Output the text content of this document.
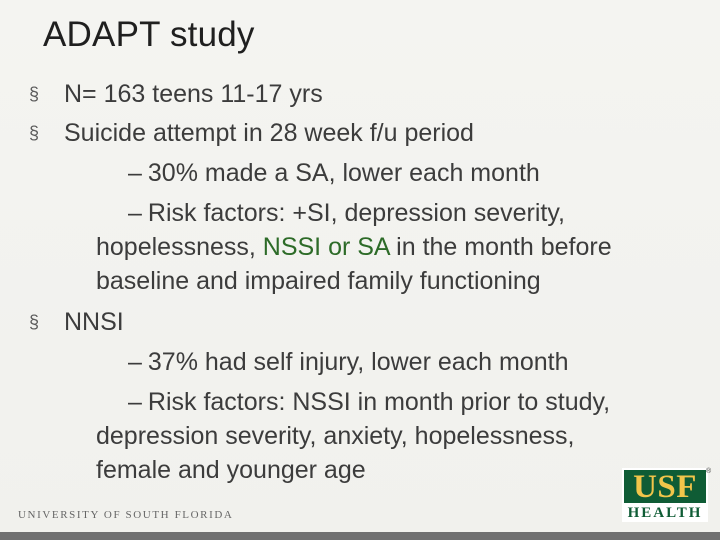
ADAPT study
§ N= 163 teens 11-17 yrs
§ Suicide attempt in 28 week f/u period
– 30% made a SA, lower each month
– Risk factors: +SI, depression severity,
hopelessness, NSSI or SA in the month before
baseline and impaired family functioning
§ NNSI
– 37% had self injury, lower each month
– Risk factors: NSSI in month prior to study,
depression severity, anxiety, hopelessness,
female and younger age
UNIVERSITY OF SOUTH FLORIDA
USF
HEALTH
®
